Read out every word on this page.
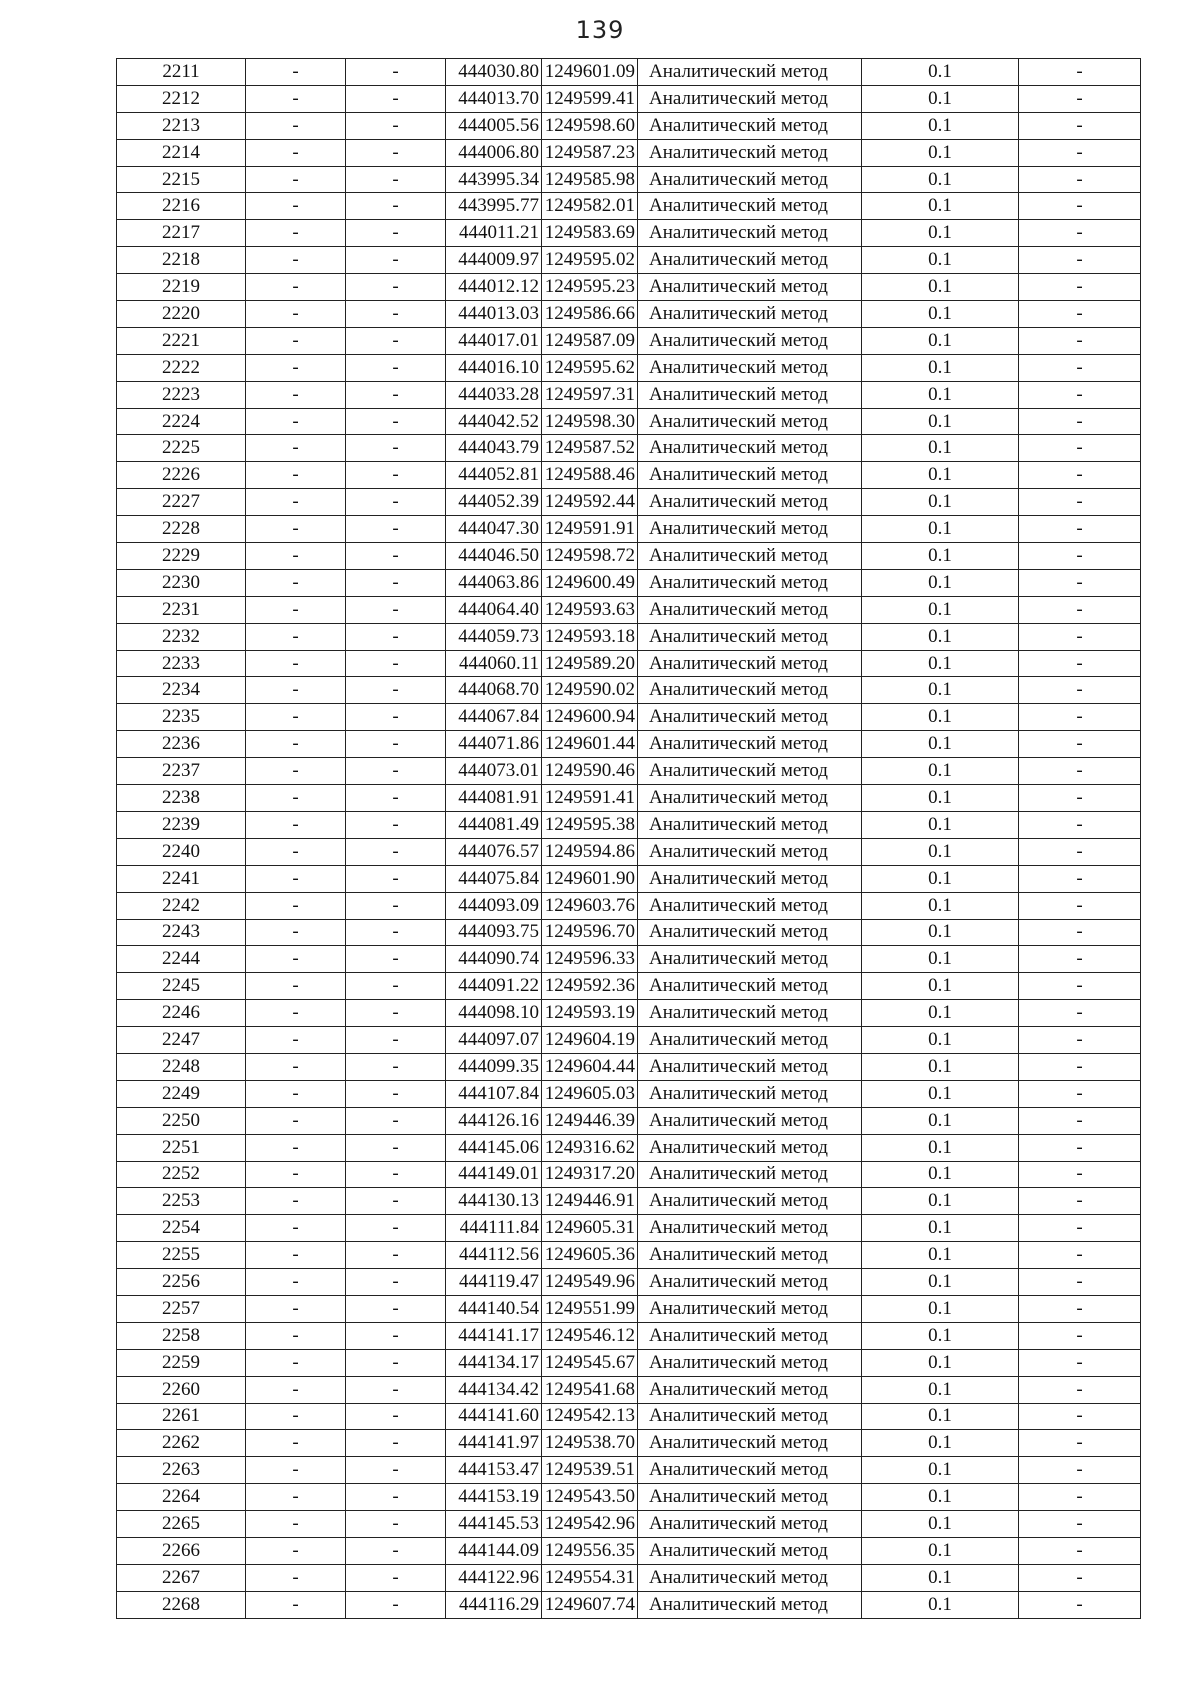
139
2211	-	-	444030.80	1249601.09	Аналитический метод	0.1	-
2212	-	-	444013.70	1249599.41	Аналитический метод	0.1	-
2213	-	-	444005.56	1249598.60	Аналитический метод	0.1	-
2214	-	-	444006.80	1249587.23	Аналитический метод	0.1	-
2215	-	-	443995.34	1249585.98	Аналитический метод	0.1	-
2216	-	-	443995.77	1249582.01	Аналитический метод	0.1	-
2217	-	-	444011.21	1249583.69	Аналитический метод	0.1	-
2218	-	-	444009.97	1249595.02	Аналитический метод	0.1	-
2219	-	-	444012.12	1249595.23	Аналитический метод	0.1	-
2220	-	-	444013.03	1249586.66	Аналитический метод	0.1	-
2221	-	-	444017.01	1249587.09	Аналитический метод	0.1	-
2222	-	-	444016.10	1249595.62	Аналитический метод	0.1	-
2223	-	-	444033.28	1249597.31	Аналитический метод	0.1	-
2224	-	-	444042.52	1249598.30	Аналитический метод	0.1	-
2225	-	-	444043.79	1249587.52	Аналитический метод	0.1	-
2226	-	-	444052.81	1249588.46	Аналитический метод	0.1	-
2227	-	-	444052.39	1249592.44	Аналитический метод	0.1	-
2228	-	-	444047.30	1249591.91	Аналитический метод	0.1	-
2229	-	-	444046.50	1249598.72	Аналитический метод	0.1	-
2230	-	-	444063.86	1249600.49	Аналитический метод	0.1	-
2231	-	-	444064.40	1249593.63	Аналитический метод	0.1	-
2232	-	-	444059.73	1249593.18	Аналитический метод	0.1	-
2233	-	-	444060.11	1249589.20	Аналитический метод	0.1	-
2234	-	-	444068.70	1249590.02	Аналитический метод	0.1	-
2235	-	-	444067.84	1249600.94	Аналитический метод	0.1	-
2236	-	-	444071.86	1249601.44	Аналитический метод	0.1	-
2237	-	-	444073.01	1249590.46	Аналитический метод	0.1	-
2238	-	-	444081.91	1249591.41	Аналитический метод	0.1	-
2239	-	-	444081.49	1249595.38	Аналитический метод	0.1	-
2240	-	-	444076.57	1249594.86	Аналитический метод	0.1	-
2241	-	-	444075.84	1249601.90	Аналитический метод	0.1	-
2242	-	-	444093.09	1249603.76	Аналитический метод	0.1	-
2243	-	-	444093.75	1249596.70	Аналитический метод	0.1	-
2244	-	-	444090.74	1249596.33	Аналитический метод	0.1	-
2245	-	-	444091.22	1249592.36	Аналитический метод	0.1	-
2246	-	-	444098.10	1249593.19	Аналитический метод	0.1	-
2247	-	-	444097.07	1249604.19	Аналитический метод	0.1	-
2248	-	-	444099.35	1249604.44	Аналитический метод	0.1	-
2249	-	-	444107.84	1249605.03	Аналитический метод	0.1	-
2250	-	-	444126.16	1249446.39	Аналитический метод	0.1	-
2251	-	-	444145.06	1249316.62	Аналитический метод	0.1	-
2252	-	-	444149.01	1249317.20	Аналитический метод	0.1	-
2253	-	-	444130.13	1249446.91	Аналитический метод	0.1	-
2254	-	-	444111.84	1249605.31	Аналитический метод	0.1	-
2255	-	-	444112.56	1249605.36	Аналитический метод	0.1	-
2256	-	-	444119.47	1249549.96	Аналитический метод	0.1	-
2257	-	-	444140.54	1249551.99	Аналитический метод	0.1	-
2258	-	-	444141.17	1249546.12	Аналитический метод	0.1	-
2259	-	-	444134.17	1249545.67	Аналитический метод	0.1	-
2260	-	-	444134.42	1249541.68	Аналитический метод	0.1	-
2261	-	-	444141.60	1249542.13	Аналитический метод	0.1	-
2262	-	-	444141.97	1249538.70	Аналитический метод	0.1	-
2263	-	-	444153.47	1249539.51	Аналитический метод	0.1	-
2264	-	-	444153.19	1249543.50	Аналитический метод	0.1	-
2265	-	-	444145.53	1249542.96	Аналитический метод	0.1	-
2266	-	-	444144.09	1249556.35	Аналитический метод	0.1	-
2267	-	-	444122.96	1249554.31	Аналитический метод	0.1	-
2268	-	-	444116.29	1249607.74	Аналитический метод	0.1	-
